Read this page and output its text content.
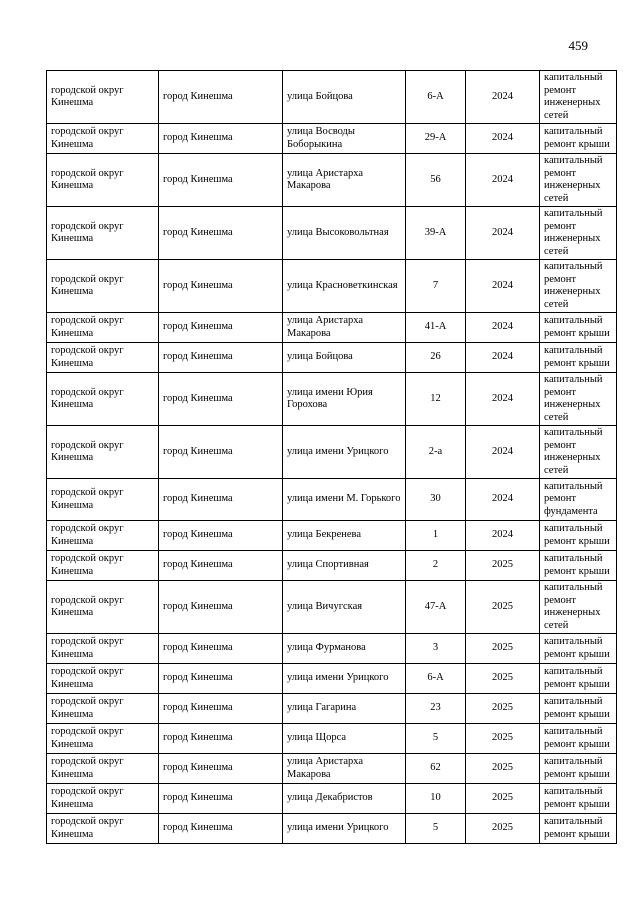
459
городской округ Кинешма	город Кинешма	улица Бойцова	6-А	2024	капитальный ремонт инженерных сетей
городской округ Кинешма	город Кинешма	улица Восводы Боборыкина	29-А	2024	капитальный ремонт крыши
городской округ Кинешма	город Кинешма	улица Аристарха Макарова	56	2024	капитальный ремонт инженерных сетей
городской округ Кинешма	город Кинешма	улица Высоковольтная	39-А	2024	капитальный ремонт инженерных сетей
городской округ Кинешма	город Кинешма	улица Красноветкинская	7	2024	капитальный ремонт инженерных сетей
городской округ Кинешма	город Кинешма	улица Аристарха Макарова	41-А	2024	капитальный ремонт крыши
городской округ Кинешма	город Кинешма	улица Бойцова	26	2024	капитальный ремонт крыши
городской округ Кинешма	город Кинешма	улица имени Юрия Горохова	12	2024	капитальный ремонт инженерных сетей
городской округ Кинешма	город Кинешма	улица имени Урицкого	2-а	2024	капитальный ремонт инженерных сетей
городской округ Кинешма	город Кинешма	улица имени М. Горького	30	2024	капитальный ремонт фундамента
городской округ Кинешма	город Кинешма	улица Бекренева	1	2024	капитальный ремонт крыши
городской округ Кинешма	город Кинешма	улица Спортивная	2	2025	капитальный ремонт крыши
городской округ Кинешма	город Кинешма	улица Вичугская	47-А	2025	капитальный ремонт инженерных сетей
городской округ Кинешма	город Кинешма	улица Фурманова	3	2025	капитальный ремонт крыши
городской округ Кинешма	город Кинешма	улица имени Урицкого	6-А	2025	капитальный ремонт крыши
городской округ Кинешма	город Кинешма	улица Гагарина	23	2025	капитальный ремонт крыши
городской округ Кинешма	город Кинешма	улица Щорса	5	2025	капитальный ремонт крыши
городской округ Кинешма	город Кинешма	улица Аристарха Макарова	62	2025	капитальный ремонт крыши
городской округ Кинешма	город Кинешма	улица Декабристов	10	2025	капитальный ремонт крыши
городской округ Кинешма	город Кинешма	улица имени Урицкого	5	2025	капитальный ремонт крыши
